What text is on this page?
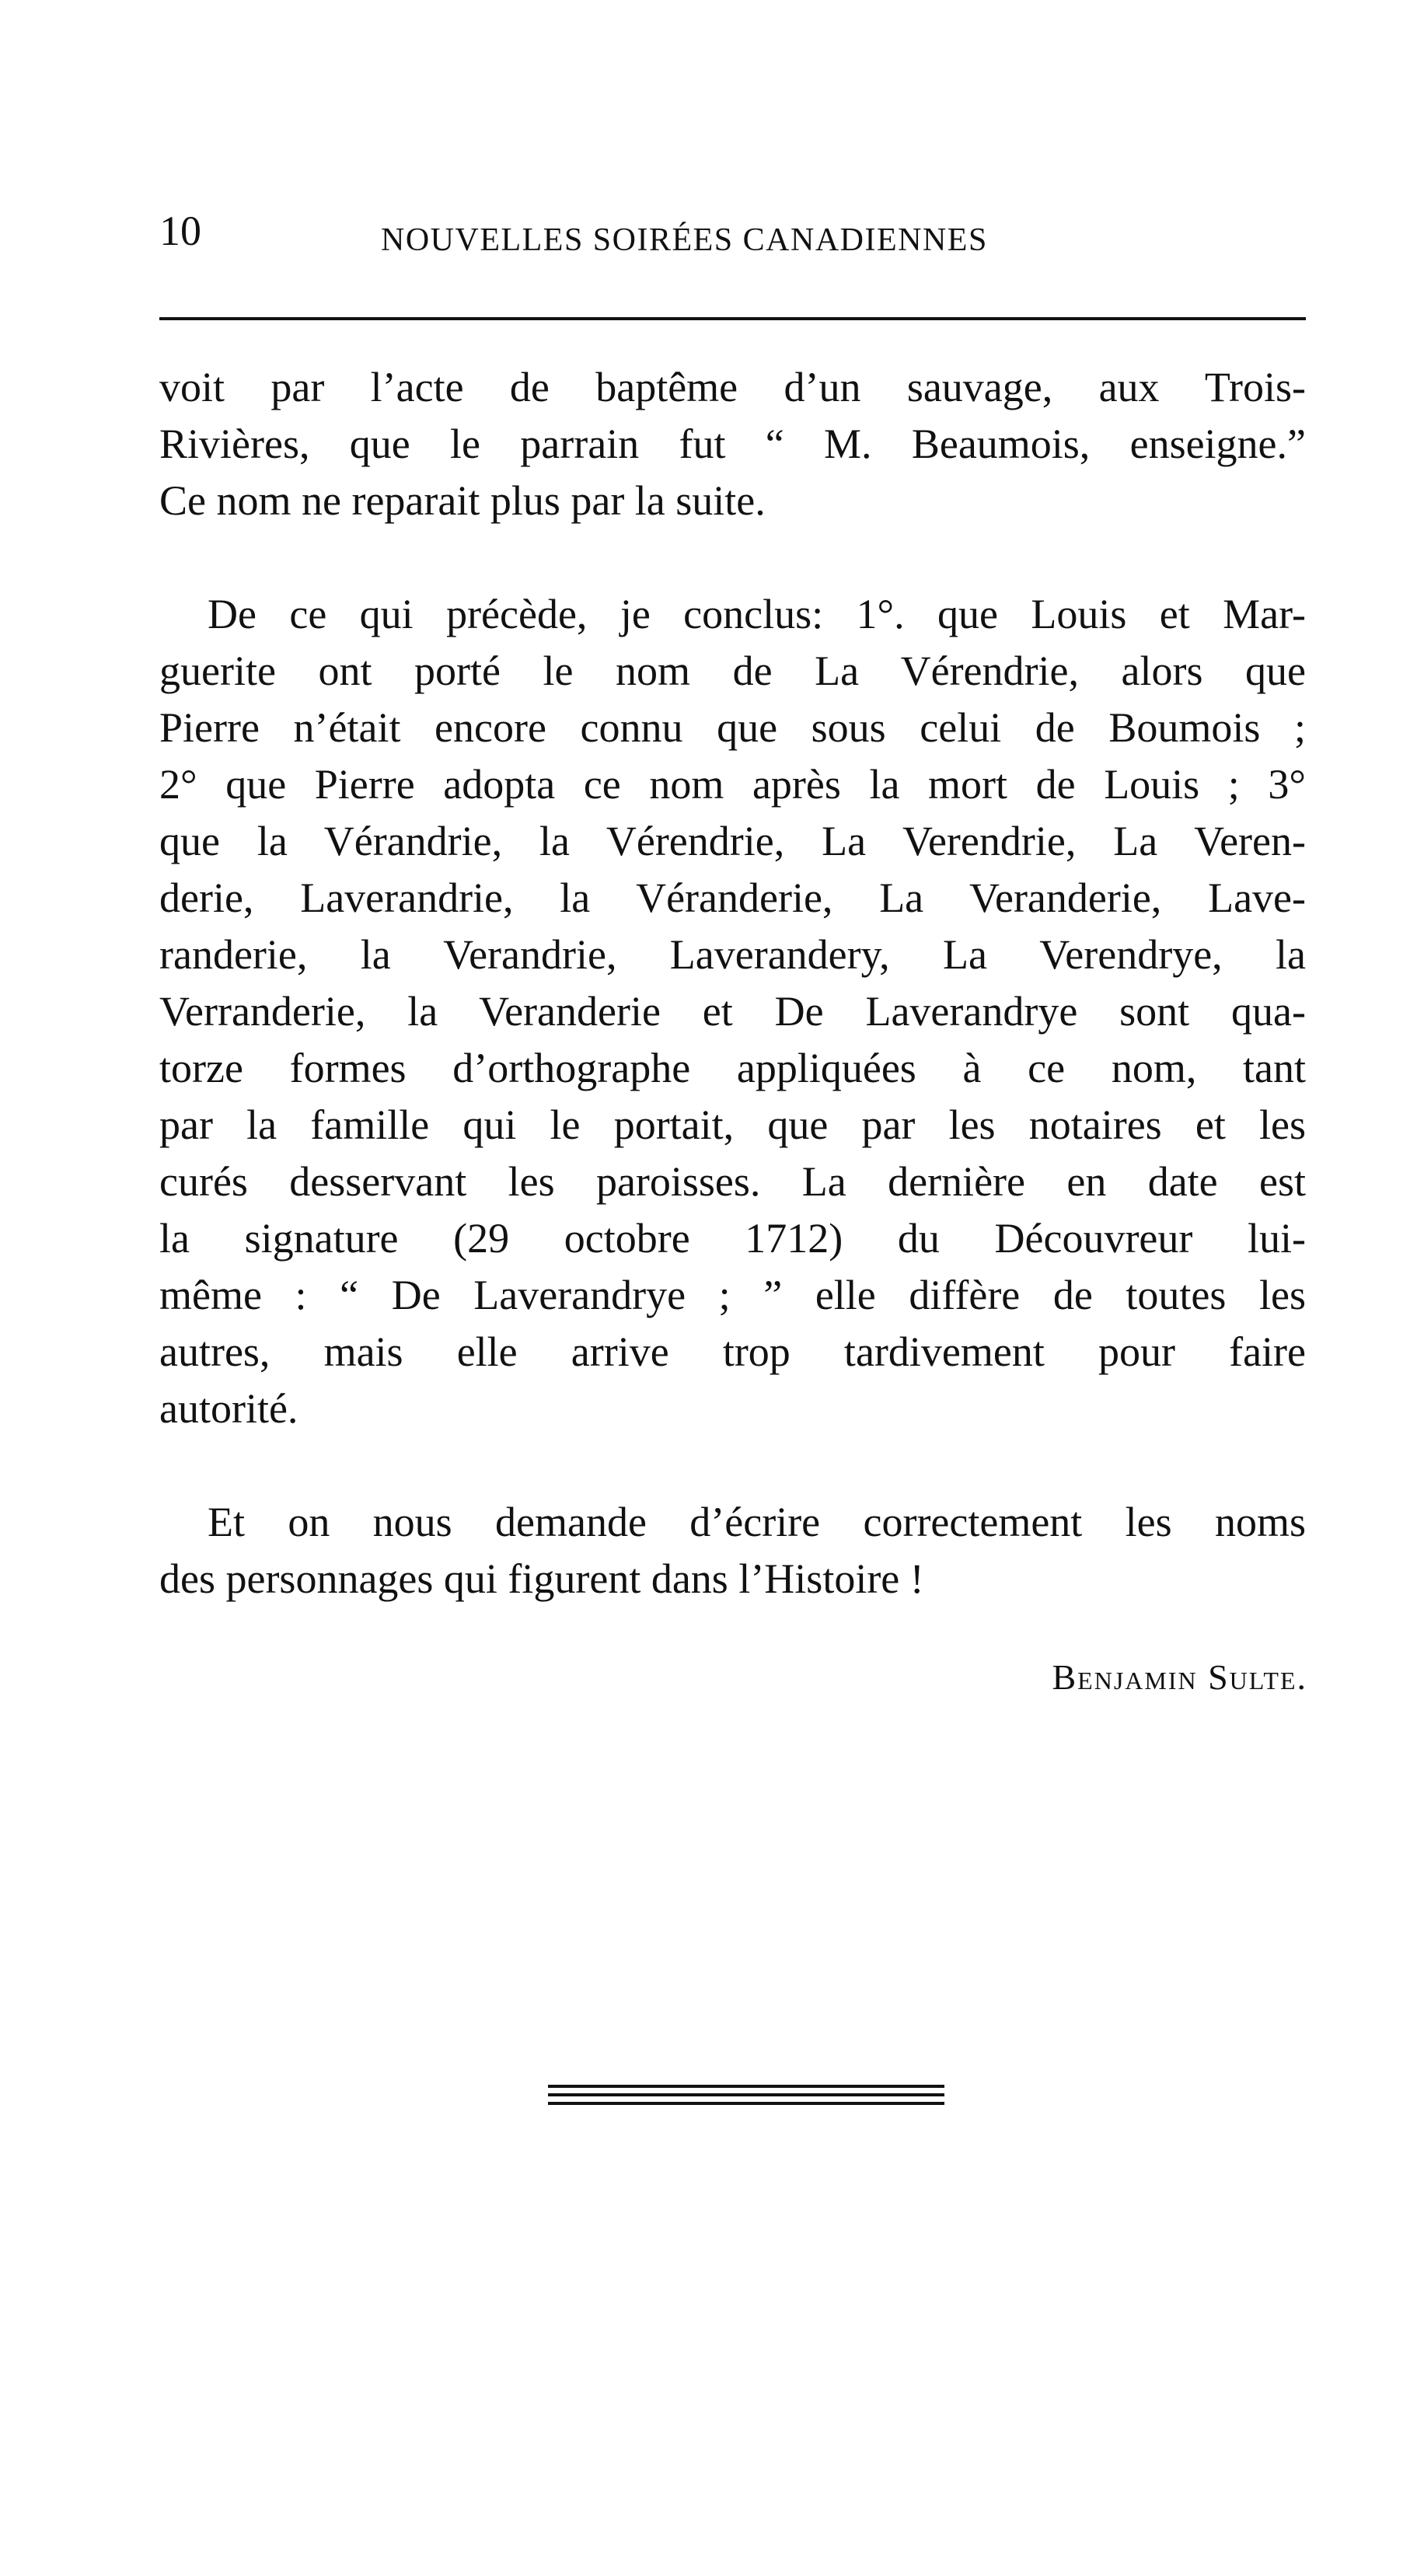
10	NOUVELLES SOIRÉES CANADIENNES
voit par l’acte de baptême d’un sauvage, aux Trois-
Rivières, que le parrain fut “ M. Beaumois, enseigne.”
Ce nom ne reparait plus par la suite.
De ce qui précède, je conclus: 1°. que Louis et Mar-
guerite ont porté le nom de La Vérendrie, alors que
Pierre n’était encore connu que sous celui de Boumois ;
2° que Pierre adopta ce nom après la mort de Louis ; 3°
que la Vérandrie, la Vérendrie, La Verendrie, La Veren-
derie, Laverandrie, la Véranderie, La Veranderie, Lave-
randerie, la Verandrie, Laverandery, La Verendrye, la
Verranderie, la Veranderie et De Laverandrye sont qua-
torze formes d’orthographe appliquées à ce nom, tant
par la famille qui le portait, que par les notaires et les
curés desservant les paroisses. La dernière en date est
la signature (29 octobre 1712) du Découvreur lui-
même : “ De Laverandrye ; ” elle diffère de toutes les
autres, mais elle arrive trop tardivement pour faire
autorité.
Et on nous demande d’écrire correctement les noms
des personnages qui figurent dans l’Histoire !
Benjamin Sulte.
